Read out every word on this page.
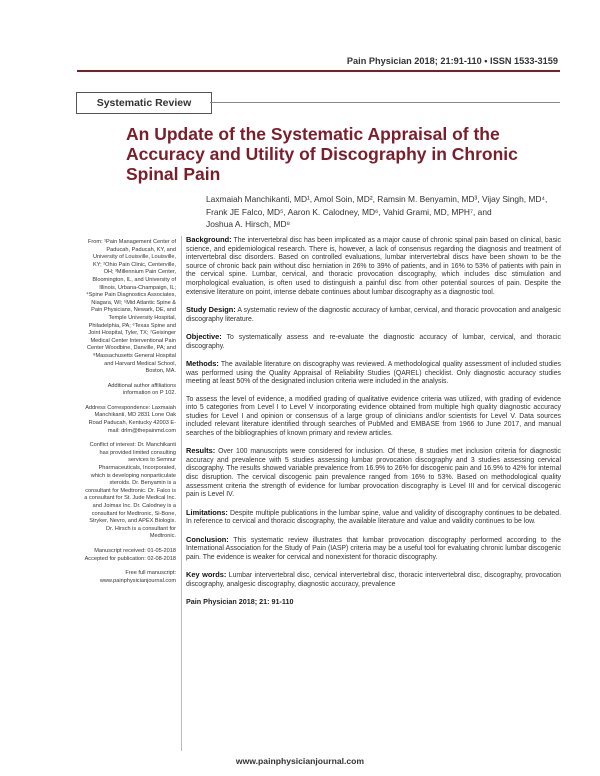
Pain Physician 2018; 21:91-110 • ISSN 1533-3159
Systematic Review
An Update of the Systematic Appraisal of the Accuracy and Utility of Discography in Chronic Spinal Pain
Laxmaiah Manchikanti, MD¹, Amol Soin, MD², Ramsin M. Benyamin, MD³, Vijay Singh, MD⁴,
Frank JE Falco, MD⁵, Aaron K. Calodney, MD⁶, Vahid Grami, MD, MPH⁷, and
Joshua A. Hirsch, MD⁸

From: ¹Pain Management Center of Paducah, Paducah, KY, and University of Louisville, Louisville, KY; ²Ohio Pain Clinic, Centerville, OH; ³Millennium Pain Center, Bloomington, IL, and University of Illinois, Urbana-Champaign, IL; ⁴Spine Pain Diagnostics Associates, Niagara, WI; ⁵Mid Atlantic Spine & Pain Physicians, Newark, DE, and Temple University Hospital, Philadelphia, PA; ⁶Texas Spine and Joint Hospital, Tyler, TX; ⁷Geisinger Medical Center Interventional Pain Center Woodbine, Danville, PA; and ⁸Massachusetts General Hospital and Harvard Medical School, Boston, MA.

Additional author affiliations information on P 102.

Address Correspondence: Laxmaiah Manchikanti, MD 2831 Lone Oak Road Paducah, Kentucky 42003 E-mail: drlm@thepainmd.com

Conflict of interest: Dr. Manchikanti has provided limited consulting services to Semnur Pharmaceuticals, Incorporated, which is developing nonparticulate steroids. Dr. Benyamin is a consultant for Medtronic. Dr. Falco is a consultant for St. Jude Medical Inc. and Joimax Inc. Dr. Calodney is a consultant for Medtronic, Si-Bone, Stryker, Nevro, and APEX Biologix. Dr. Hirsch is a consultant for Medtronic.

Manuscript received: 01-05-2018 Accepted for publication: 02-08-2018

Free full manuscript: www.painphysicianjournal.com

Background: The intervertebral disc has been implicated as a major cause of chronic spinal pain based on clinical, basic science, and epidemiological research. There is, however, a lack of consensus regarding the diagnosis and treatment of intervertebral disc disorders. Based on controlled evaluations, lumbar intervertebral discs have been shown to be the source of chronic back pain without disc herniation in 26% to 39% of patients, and in 16% to 53% of patients with pain in the cervical spine. Lumbar, cervical, and thoracic provocation discography, which includes disc stimulation and morphological evaluation, is often used to distinguish a painful disc from other potential sources of pain. Despite the extensive literature on point, intense debate continues about lumbar discography as a diagnostic tool.

Study Design: A systematic review of the diagnostic accuracy of lumbar, cervical, and thoracic provocation and analgesic discography literature.

Objective: To systematically assess and re-evaluate the diagnostic accuracy of lumbar, cervical, and thoracic discography.

Methods: The available literature on discography was reviewed. A methodological quality assessment of included studies was performed using the Quality Appraisal of Reliability Studies (QAREL) checklist. Only diagnostic accuracy studies meeting at least 50% of the designated inclusion criteria were included in the analysis.

To assess the level of evidence, a modified grading of qualitative evidence criteria was utilized, with grading of evidence into 5 categories from Level I to Level V incorporating evidence obtained from multiple high quality diagnostic accuracy studies for Level I and opinion or consensus of a large group of clinicians and/or scientists for Level V. Data sources included relevant literature identified through searches of PubMed and EMBASE from 1966 to June 2017, and manual searches of the bibliographies of known primary and review articles.

Results: Over 100 manuscripts were considered for inclusion. Of these, 8 studies met inclusion criteria for diagnostic accuracy and prevalence with 5 studies assessing lumbar provocation discography and 3 studies assessing cervical discography. The results showed variable prevalence from 16.9% to 26% for discogenic pain and 16.9% to 42% for internal disc disruption. The cervical discogenic pain prevalence ranged from 16% to 53%. Based on methodological quality assessment criteria the strength of evidence for lumbar provocation discography is Level III and for cervical discogenic pain is Level IV.

Limitations: Despite multiple publications in the lumbar spine, value and validity of discography continues to be debated. In reference to cervical and thoracic discography, the available literature and value and validity continues to be low.

Conclusion: This systematic review illustrates that lumbar provocation discography performed according to the International Association for the Study of Pain (IASP) criteria may be a useful tool for evaluating chronic lumbar discogenic pain. The evidence is weaker for cervical and nonexistent for thoracic discography.

Key words: Lumbar intervertebral disc, cervical intervertebral disc, thoracic intervertebral disc, discography, provocation discography, analgesic discography, diagnostic accuracy, prevalence

Pain Physician 2018; 21: 91-110

www.painphysicianjournal.com
